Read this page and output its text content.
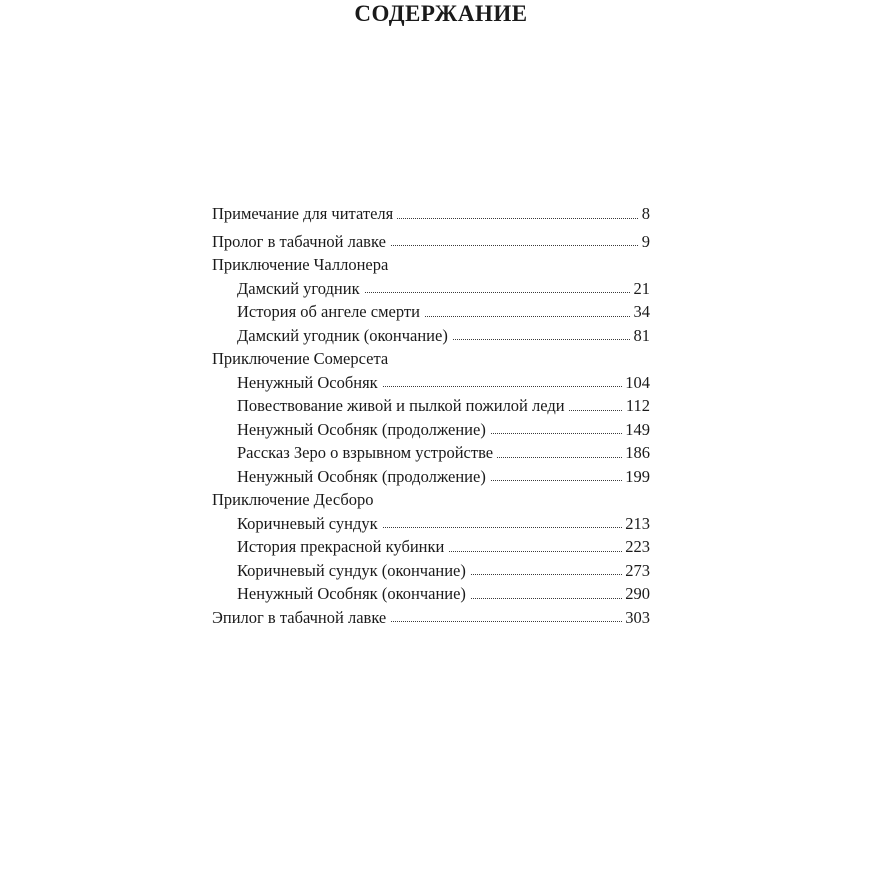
СОДЕРЖАНИЕ
Примечание для читателя	8
Пролог в табачной лавке	9
Приключение Чаллонера
Дамский угодник	21
История об ангеле смерти	34
Дамский угодник (окончание)	81
Приключение Сомерсета
Ненужный Особняк	104
Повествование живой и пылкой пожилой леди	112
Ненужный Особняк (продолжение)	149
Рассказ Зеро о взрывном устройстве	186
Ненужный Особняк (продолжение)	199
Приключение Десборо
Коричневый сундук	213
История прекрасной кубинки	223
Коричневый сундук (окончание)	273
Ненужный Особняк (окончание)	290
Эпилог в табачной лавке	303
